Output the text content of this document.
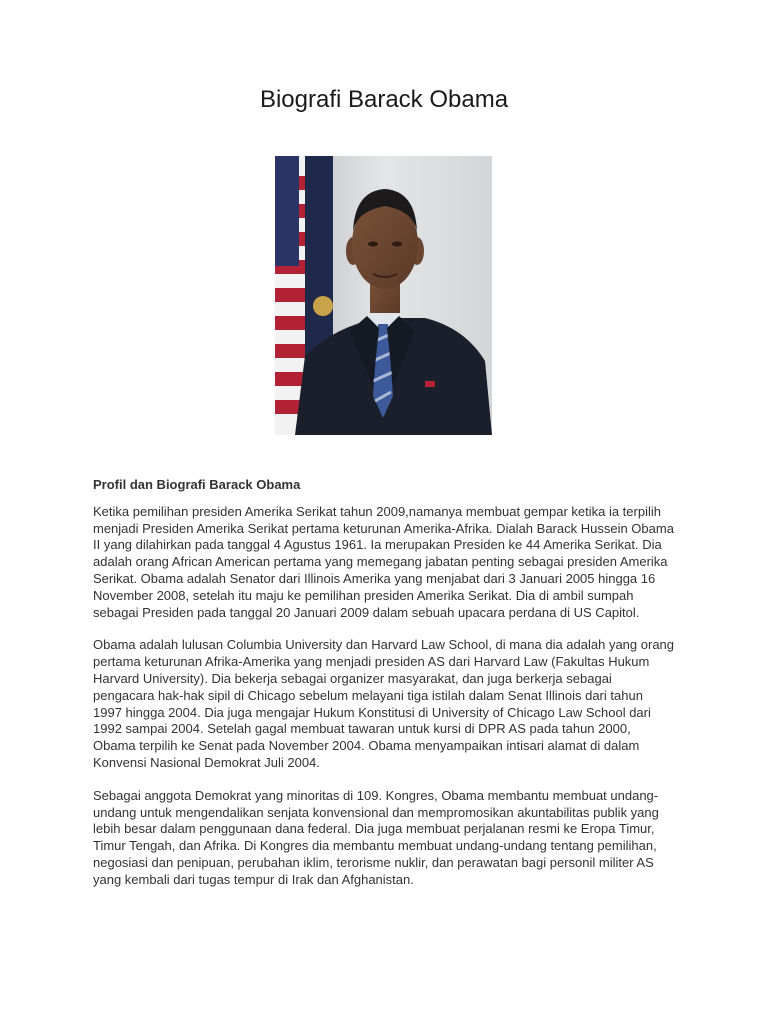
Biografi Barack Obama

Profil dan Biografi Barack Obama

Ketika pemilihan presiden Amerika Serikat tahun 2009,namanya membuat gempar ketika ia terpilih menjadi Presiden Amerika Serikat pertama keturunan Amerika-Afrika. Dialah Barack Hussein Obama II yang dilahirkan pada tanggal 4 Agustus 1961. Ia merupakan Presiden ke 44 Amerika Serikat. Dia adalah orang African American pertama yang memegang jabatan penting sebagai presiden Amerika Serikat. Obama adalah Senator dari Illinois Amerika yang menjabat dari 3 Januari 2005 hingga 16 November 2008, setelah itu maju ke pemilihan presiden Amerika Serikat. Dia di ambil sumpah sebagai Presiden pada tanggal 20 Januari 2009 dalam sebuah upacara perdana di US Capitol.

Obama adalah lulusan Columbia University dan Harvard Law School, di mana dia adalah yang orang pertama keturunan Afrika-Amerika yang menjadi presiden AS dari Harvard Law (Fakultas Hukum Harvard University). Dia bekerja sebagai organizer masyarakat, dan juga berkerja sebagai pengacara hak-hak sipil di Chicago sebelum melayani tiga istilah dalam Senat Illinois dari tahun 1997 hingga 2004. Dia juga mengajar Hukum Konstitusi di University of Chicago Law School dari 1992 sampai 2004. Setelah gagal membuat tawaran untuk kursi di DPR AS pada tahun 2000, Obama terpilih ke Senat pada November 2004. Obama menyampaikan intisari alamat di dalam Konvensi Nasional Demokrat Juli 2004.

Sebagai anggota Demokrat yang minoritas di 109. Kongres, Obama membantu membuat undang-undang untuk mengendalikan senjata konvensional dan mempromosikan akuntabilitas publik yang lebih besar dalam penggunaan dana federal. Dia juga membuat perjalanan resmi ke Eropa Timur, Timur Tengah, dan Afrika. Di Kongres dia membantu membuat undang-undang tentang pemilihan, negosiasi dan penipuan, perubahan iklim, terorisme nuklir, dan perawatan bagi personil militer AS yang kembali dari tugas tempur di Irak dan Afghanistan.
